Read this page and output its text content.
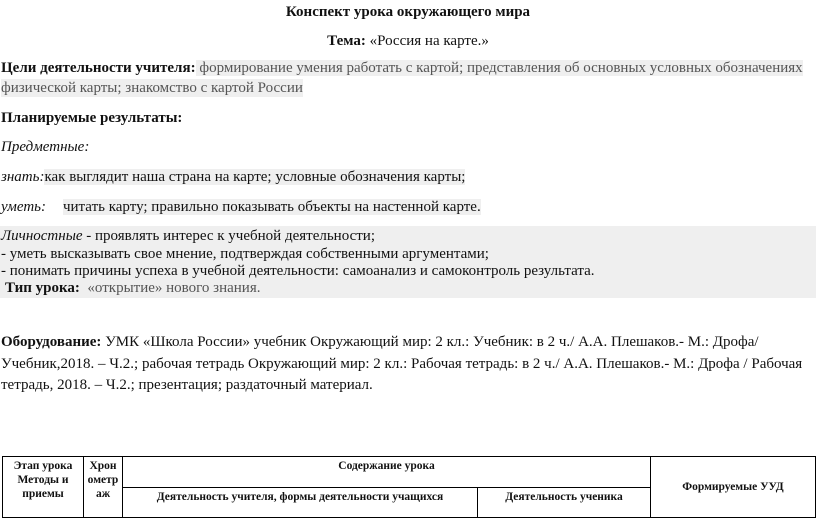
Конспект урока окружающего мира
Тема: «Россия на карте.»
Цели деятельности учителя: формирование умения работать с картой; представления об основных условных обозначениях
физической карты; знакомство с картой России
Планируемые результаты:
Предметные:
знать:как выглядит наша страна на карте; условные обозначения карты;
уметь: читать карту; правильно показывать объекты на настенной карте.
Личностные - проявлять интерес к учебной деятельности;
- уметь высказывать свое мнение, подтверждая собственными аргументами;
- понимать причины успеха в учебной деятельности: самоанализ и самоконтроль результата.
Тип урока: «открытие» нового знания.
Оборудование: УМК «Школа России» учебник Окружающий мир: 2 кл.: Учебник: в 2 ч./ А.А. Плешаков.- М.: Дрофа/
Учебник,2018. – Ч.2.; рабочая тетрадь Окружающий мир: 2 кл.: Рабочая тетрадь: в 2 ч./ А.А. Плешаков.- М.: Дрофа / Рабочая
тетрадь, 2018. – Ч.2.; презентация; раздаточный материал.
Этап урока Методы и приемы	Хронометраж	Содержание урока		Формируемые УУД
		Деятельность учителя, формы деятельности учащихся	Деятельность ученика	
